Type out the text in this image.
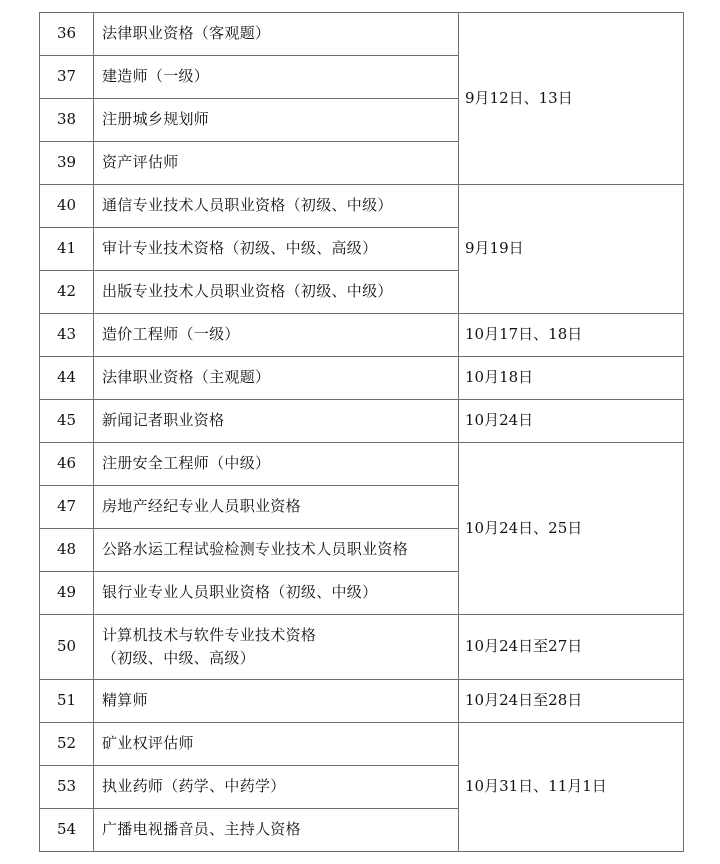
36	法律职业资格（客观题）	9月12日、13日
37	建造师（一级）	
38	注册城乡规划师	
39	资产评估师	
40	通信专业技术人员职业资格（初级、中级）	9月19日
41	审计专业技术资格（初级、中级、高级）	
42	出版专业技术人员职业资格（初级、中级）	
43	造价工程师（一级）	10月17日、18日
44	法律职业资格（主观题）	10月18日
45	新闻记者职业资格	10月24日
46	注册安全工程师（中级）	10月24日、25日
47	房地产经纪专业人员职业资格	
48	公路水运工程试验检测专业技术人员职业资格	
49	银行业专业人员职业资格（初级、中级）	
50	计算机技术与软件专业技术资格
（初级、中级、高级）	10月24日至27日
51	精算师	10月24日至28日
52	矿业权评估师	10月31日、11月1日
53	执业药师（药学、中药学）	
54	广播电视播音员、主持人资格	
